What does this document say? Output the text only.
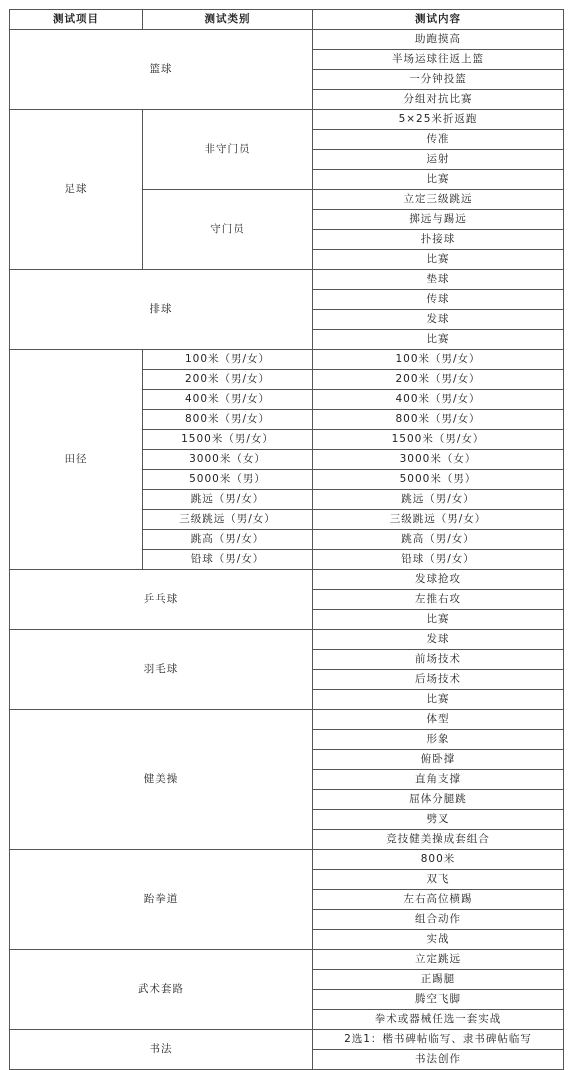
测试项目	测试类别	测试内容
篮球		助跑摸高
		半场运球往返上篮
		一分钟投篮
		分组对抗比赛
足球	非守门员	5×25米折返跑
		传准
		运射
		比赛
	守门员	立定三级跳远
		掷远与踢远
		扑接球
		比赛
排球		垫球
		传球
		发球
		比赛
田径	100米（男/女）	100米（男/女）
	200米（男/女）	200米（男/女）
	400米（男/女）	400米（男/女）
	800米（男/女）	800米（男/女）
	1500米（男/女）	1500米（男/女）
	3000米（女）	3000米（女）
	5000米（男）	5000米（男）
	跳远（男/女）	跳远（男/女）
	三级跳远（男/女）	三级跳远（男/女）
	跳高（男/女）	跳高（男/女）
	铅球（男/女）	铅球（男/女）
乒乓球		发球抢攻
		左推右攻
		比赛
羽毛球		发球
		前场技术
		后场技术
		比赛
健美操		体型
		形象
		俯卧撑
		直角支撑
		屈体分腿跳
		劈叉
		竞技健美操成套组合
跆拳道		800米
		双飞
		左右高位横踢
		组合动作
		实战
武术套路		立定跳远
		正踢腿
		腾空飞脚
		拳术或器械任选一套实战
书法		2选1：楷书碑帖临写、隶书碑帖临写
		书法创作
